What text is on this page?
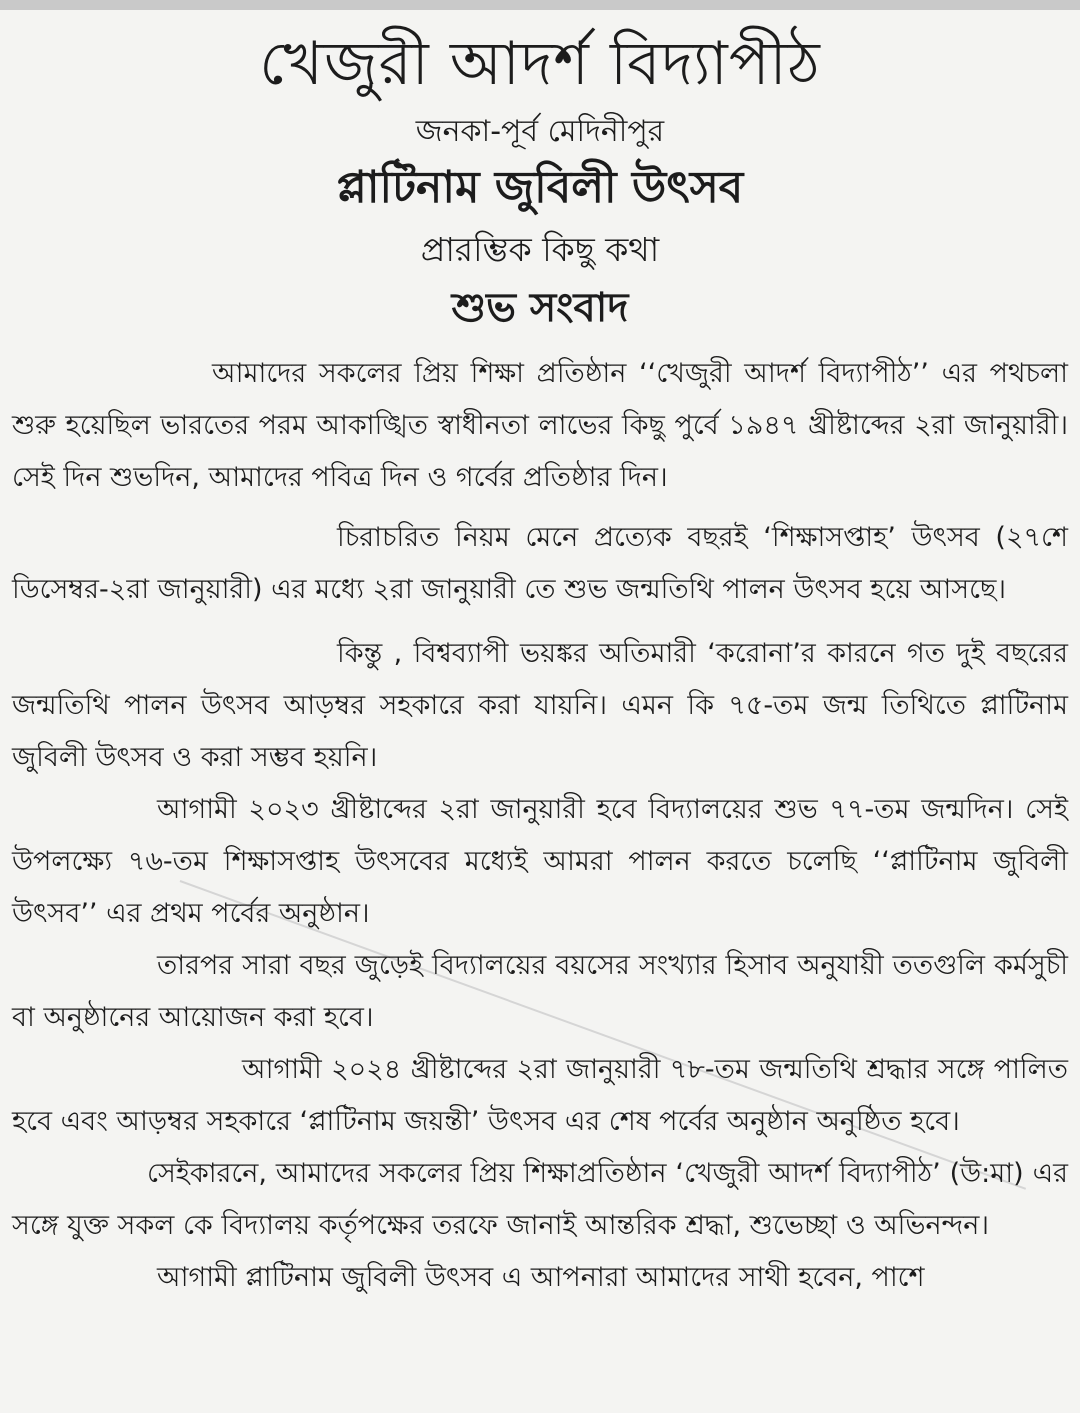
খেজুরী আদর্শ বিদ্যাপীঠ
জনকা-পূর্ব মেদিনীপুর
প্লাটিনাম জুবিলী উৎসব
প্রারম্ভিক কিছু কথা
শুভ সংবাদ

আমাদের সকলের প্রিয় শিক্ষা প্রতিষ্ঠান ‘‘খেজুরী আদর্শ বিদ্যাপীঠ’’ এর পথচলা শুরু হয়েছিল ভারতের পরম আকাঙ্খিত স্বাধীনতা লাভের কিছু পুর্বে ১৯৪৭ খ্রীষ্টাব্দের ২রা জানুয়ারী। সেই দিন শুভদিন, আমাদের পবিত্র দিন ও গর্বের প্রতিষ্ঠার দিন।

চিরাচরিত নিয়ম মেনে প্রত্যেক বছরই ‘শিক্ষাসপ্তাহ’ উৎসব (২৭শে ডিসেম্বর-২রা জানুয়ারী) এর মধ্যে ২রা জানুয়ারী তে শুভ জন্মতিথি পালন উৎসব হয়ে আসছে।

কিন্তু , বিশ্বব্যাপী ভয়ঙ্কর অতিমারী ‘করোনা’র কারনে গত দুই বছরের জন্মতিথি পালন উৎসব আড়ম্বর সহকারে করা যায়নি। এমন কি ৭৫-তম জন্ম তিথিতে প্লাটিনাম জুবিলী উৎসব ও করা সম্ভব হয়নি।

আগামী ২০২৩ খ্রীষ্টাব্দের ২রা জানুয়ারী হবে বিদ্যালয়ের শুভ ৭৭-তম জন্মদিন। সেই উপলক্ষ্যে ৭৬-তম শিক্ষাসপ্তাহ উৎসবের মধ্যেই আমরা পালন করতে চলেছি ‘‘প্লাটিনাম জুবিলী উৎসব’’ এর প্রথম পর্বের অনুষ্ঠান।

তারপর সারা বছর জুড়েই বিদ্যালয়ের বয়সের সংখ্যার হিসাব অনুযায়ী ততগুলি কর্মসুচী বা অনুষ্ঠানের আয়োজন করা হবে।

আগামী ২০২৪ খ্রীষ্টাব্দের ২রা জানুয়ারী ৭৮-তম জন্মতিথি শ্রদ্ধার সঙ্গে পালিত হবে এবং আড়ম্বর সহকারে ‘প্লাটিনাম জয়ন্তী’ উৎসব এর শেষ পর্বের অনুষ্ঠান অনুষ্ঠিত হবে।

সেইকারনে, আমাদের সকলের প্রিয় শিক্ষাপ্রতিষ্ঠান ‘খেজুরী আদর্শ বিদ্যাপীঠ’ (উ:মা) এর সঙ্গে যুক্ত সকল কে বিদ্যালয় কর্তৃপক্ষের তরফে জানাই আন্তরিক শ্রদ্ধা, শুভেচ্ছা ও অভিনন্দন।

আগামী প্লাটিনাম জুবিলী উৎসব এ আপনারা আমাদের সাথী হবেন, পাশে
